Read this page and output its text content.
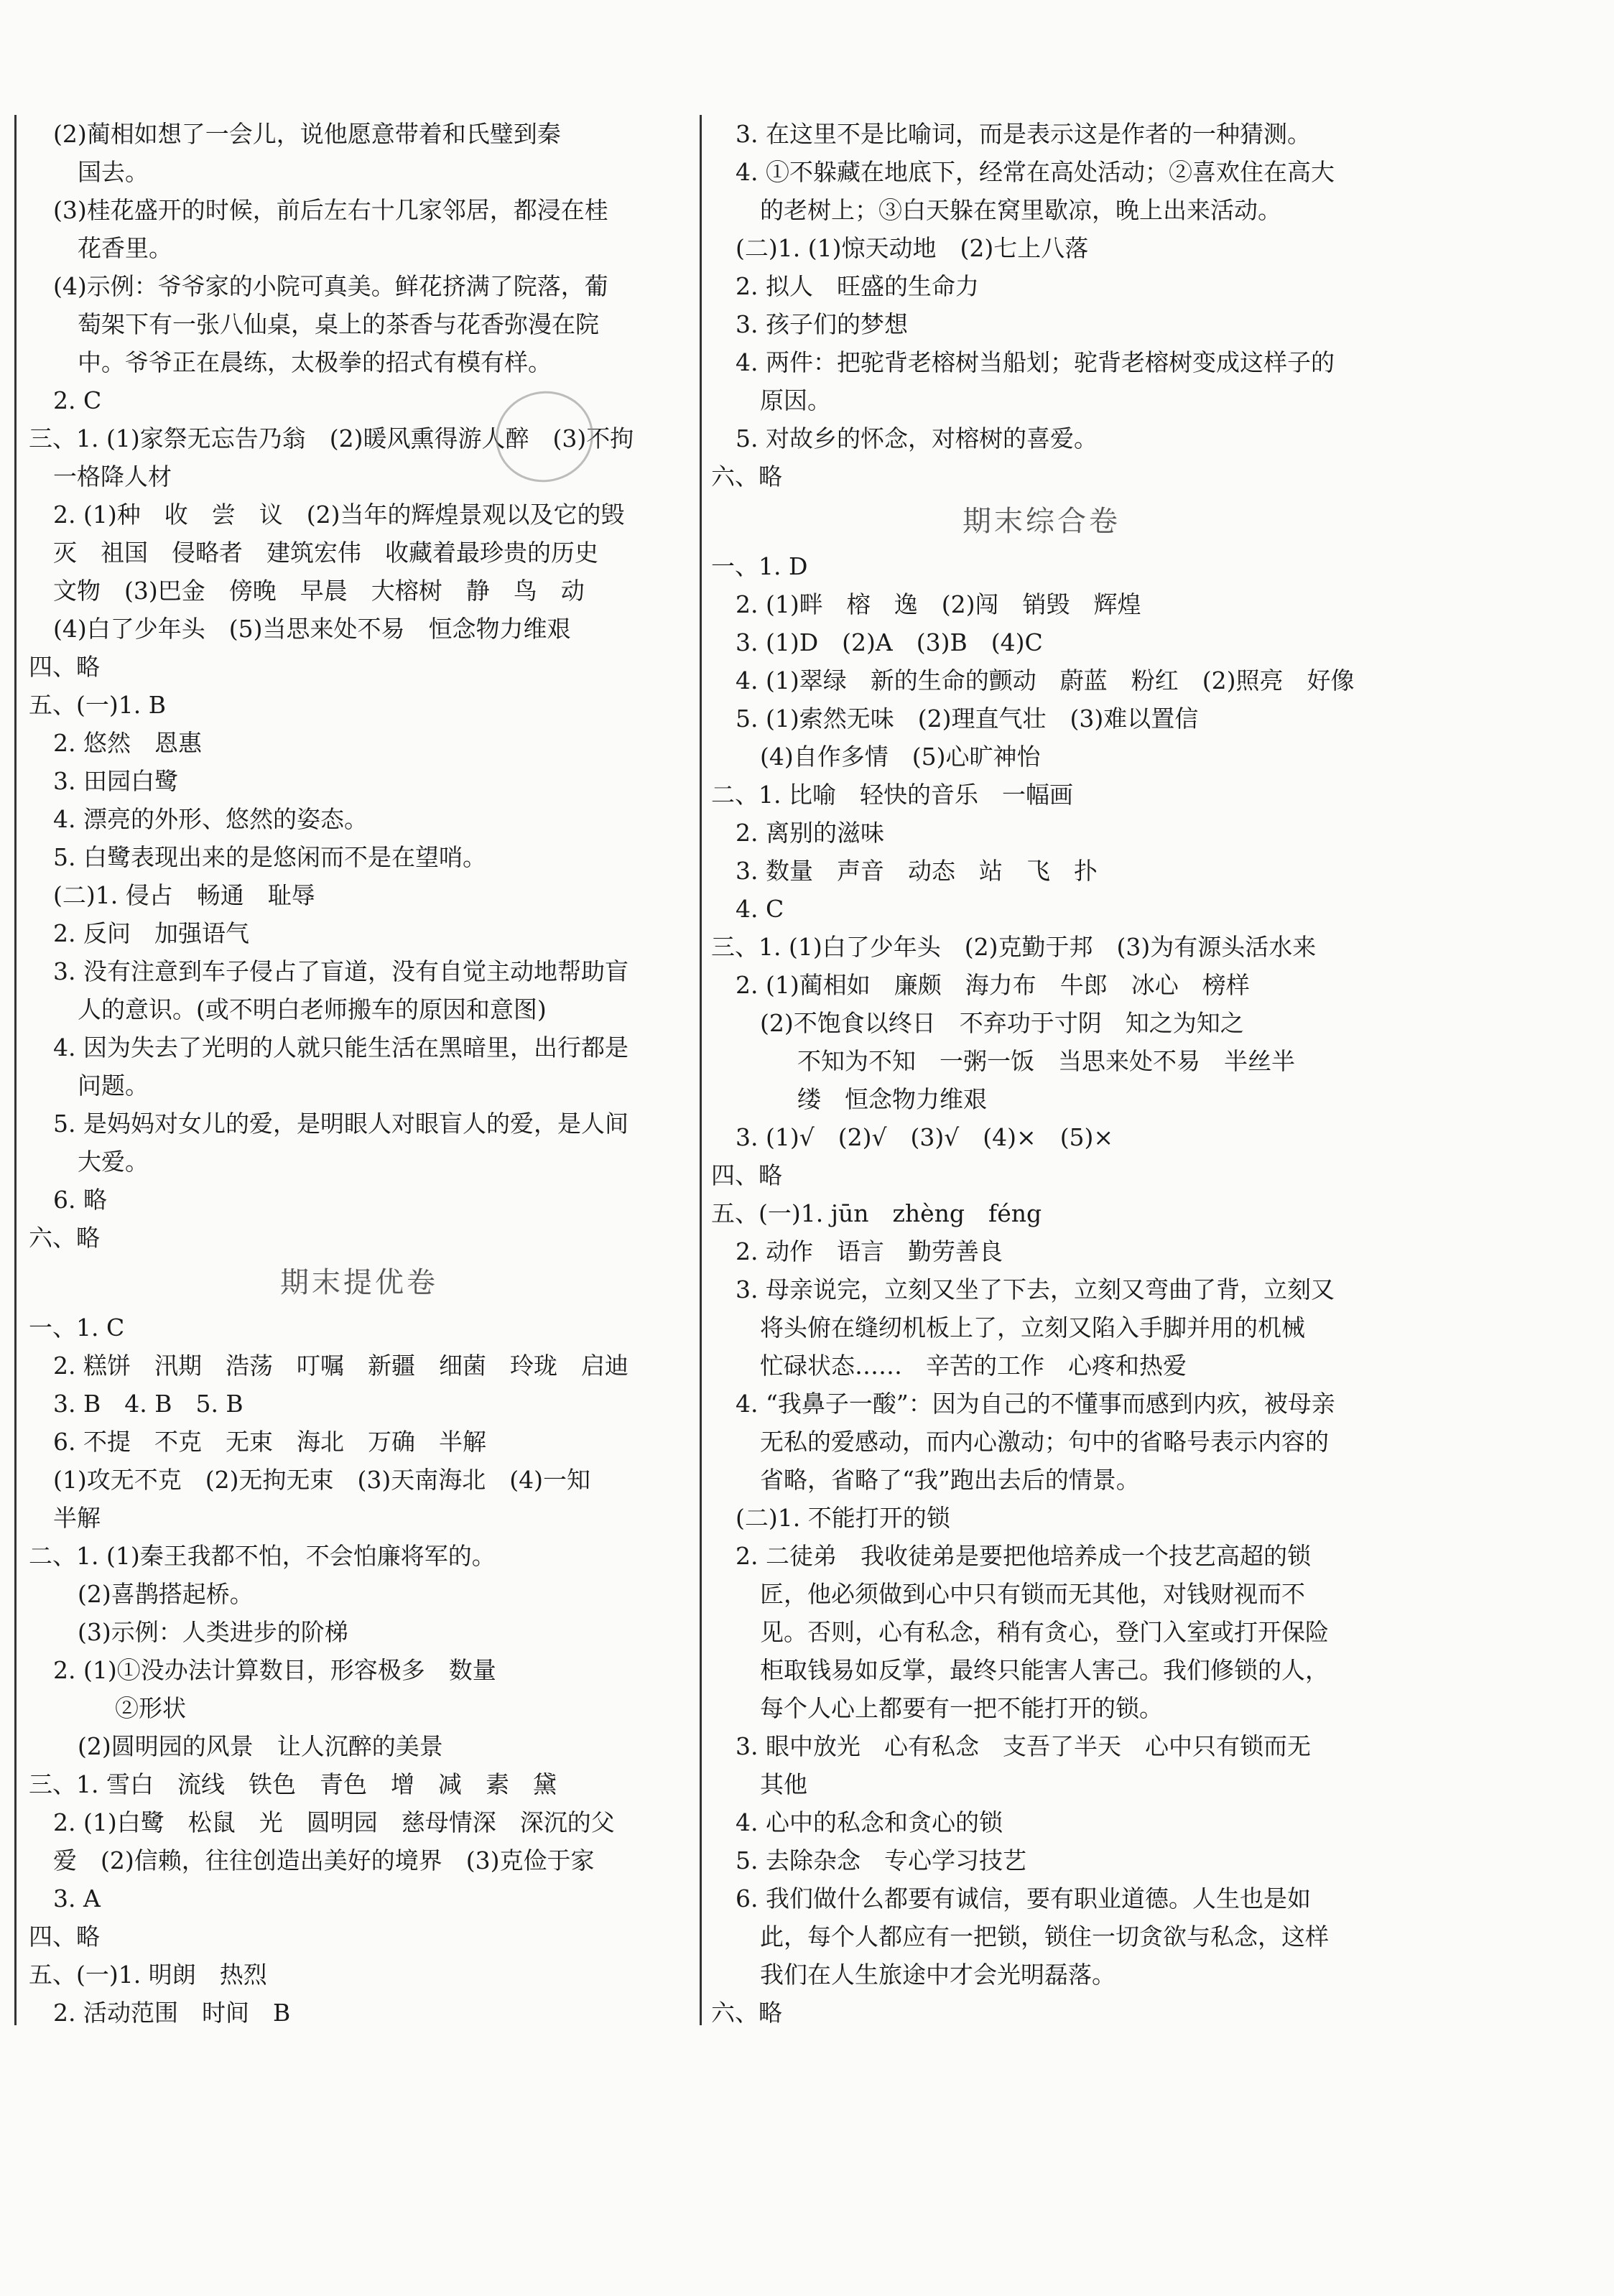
(2)蔺相如想了一会儿，说他愿意带着和氏璧到秦
国去。
(3)桂花盛开的时候，前后左右十几家邻居，都浸在桂
花香里。
(4)示例：爷爷家的小院可真美。鲜花挤满了院落，葡
萄架下有一张八仙桌，桌上的茶香与花香弥漫在院
中。爷爷正在晨练，太极拳的招式有模有样。
2. C
三、1. (1)家祭无忘告乃翁　(2)暖风熏得游人醉　(3)不拘
一格降人材
2. (1)种　收　尝　议　(2)当年的辉煌景观以及它的毁
灭　祖国　侵略者　建筑宏伟　收藏着最珍贵的历史
文物　(3)巴金　傍晚　早晨　大榕树　静　鸟　动
(4)白了少年头　(5)当思来处不易　恒念物力维艰
四、略
五、(一)1. B
2. 悠然　恩惠
3. 田园白鹭
4. 漂亮的外形、悠然的姿态。
5. 白鹭表现出来的是悠闲而不是在望哨。
(二)1. 侵占　畅通　耻辱
2. 反问　加强语气
3. 没有注意到车子侵占了盲道，没有自觉主动地帮助盲
人的意识。(或不明白老师搬车的原因和意图)
4. 因为失去了光明的人就只能生活在黑暗里，出行都是
问题。
5. 是妈妈对女儿的爱，是明眼人对眼盲人的爱，是人间
大爱。
6. 略
六、略
期末提优卷
一、1. C
2. 糕饼　汛期　浩荡　叮嘱　新疆　细菌　玲珑　启迪
3. B　4. B　5. B
6. 不提　不克　无束　海北　万确　半解
(1)攻无不克　(2)无拘无束　(3)天南海北　(4)一知
半解
二、1. (1)秦王我都不怕，不会怕廉将军的。
(2)喜鹊搭起桥。
(3)示例：人类进步的阶梯
2. (1)①没办法计算数目，形容极多　数量
②形状
(2)圆明园的风景　让人沉醉的美景
三、1. 雪白　流线　铁色　青色　增　减　素　黛
2. (1)白鹭　松鼠　光　圆明园　慈母情深　深沉的父
爱　(2)信赖，往往创造出美好的境界　(3)克俭于家
3. A
四、略
五、(一)1. 明朗　热烈
2. 活动范围　时间　B
3. 在这里不是比喻词，而是表示这是作者的一种猜测。
4. ①不躲藏在地底下，经常在高处活动；②喜欢住在高大
的老树上；③白天躲在窝里歇凉，晚上出来活动。
(二)1. (1)惊天动地　(2)七上八落
2. 拟人　旺盛的生命力
3. 孩子们的梦想
4. 两件：把驼背老榕树当船划；驼背老榕树变成这样子的
原因。
5. 对故乡的怀念，对榕树的喜爱。
六、略
期末综合卷
一、1. D
2. (1)畔　榕　逸　(2)闯　销毁　辉煌
3. (1)D　(2)A　(3)B　(4)C
4. (1)翠绿　新的生命的颤动　蔚蓝　粉红　(2)照亮　好像
5. (1)索然无味　(2)理直气壮　(3)难以置信
(4)自作多情　(5)心旷神怡
二、1. 比喻　轻快的音乐　一幅画
2. 离别的滋味
3. 数量　声音　动态　站　飞　扑
4. C
三、1. (1)白了少年头　(2)克勤于邦　(3)为有源头活水来
2. (1)蔺相如　廉颇　海力布　牛郎　冰心　榜样
(2)不饱食以终日　不弃功于寸阴　知之为知之
不知为不知　一粥一饭　当思来处不易　半丝半
缕　恒念物力维艰
3. (1)√　(2)√　(3)√　(4)×　(5)×
四、略
五、(一)1. jūn　zhèng　féng
2. 动作　语言　勤劳善良
3. 母亲说完，立刻又坐了下去，立刻又弯曲了背，立刻又
将头俯在缝纫机板上了，立刻又陷入手脚并用的机械
忙碌状态……　辛苦的工作　心疼和热爱
4. “我鼻子一酸”：因为自己的不懂事而感到内疚，被母亲
无私的爱感动，而内心激动；句中的省略号表示内容的
省略，省略了“我”跑出去后的情景。
(二)1. 不能打开的锁
2. 二徒弟　我收徒弟是要把他培养成一个技艺高超的锁
匠，他必须做到心中只有锁而无其他，对钱财视而不
见。否则，心有私念，稍有贪心，登门入室或打开保险
柜取钱易如反掌，最终只能害人害己。我们修锁的人，
每个人心上都要有一把不能打开的锁。
3. 眼中放光　心有私念　支吾了半天　心中只有锁而无
其他
4. 心中的私念和贪心的锁
5. 去除杂念　专心学习技艺
6. 我们做什么都要有诚信，要有职业道德。人生也是如
此，每个人都应有一把锁，锁住一切贪欲与私念，这样
我们在人生旅途中才会光明磊落。
六、略
